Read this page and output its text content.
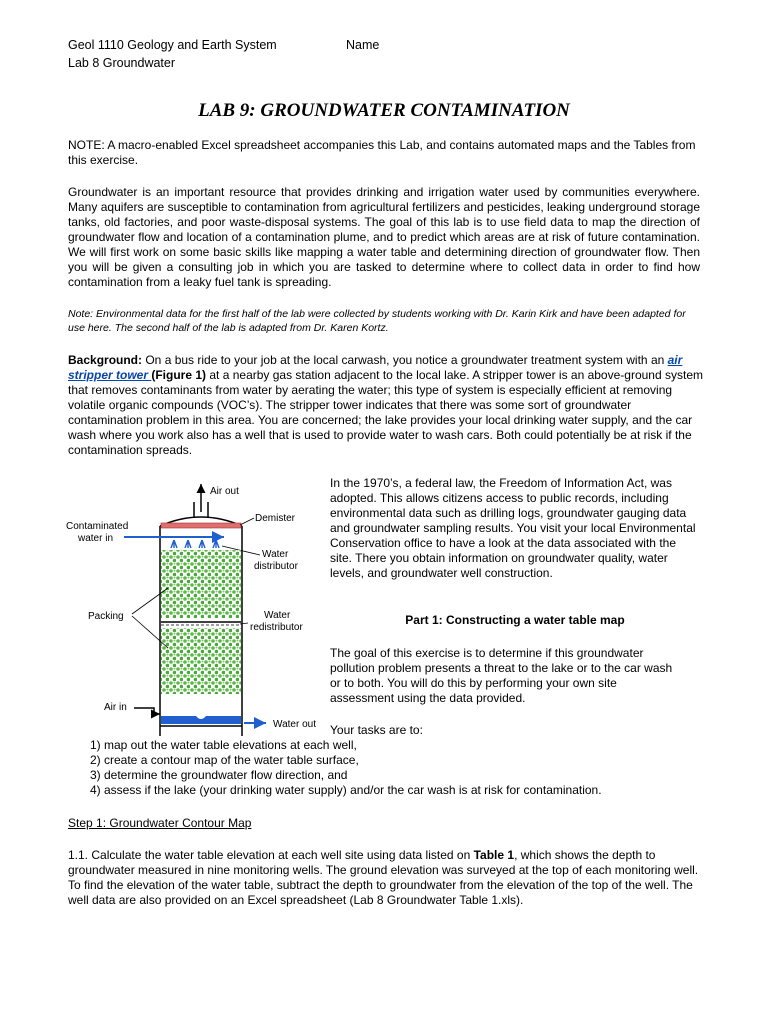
Geol 1110 Geology and Earth System	Name
Lab 8 Groundwater
LAB 9: GROUNDWATER CONTAMINATION
NOTE: A macro-enabled Excel spreadsheet accompanies this Lab, and contains automated maps and the Tables from this exercise.
Groundwater is an important resource that provides drinking and irrigation water used by communities everywhere. Many aquifers are susceptible to contamination from agricultural fertilizers and pesticides, leaking underground storage tanks, old factories, and poor waste-disposal systems. The goal of this lab is to use field data to map the direction of groundwater flow and location of a contamination plume, and to predict which areas are at risk of future contamination. We will first work on some basic skills like mapping a water table and determining direction of groundwater flow. Then you will be given a consulting job in which you are tasked to determine where to collect data in order to find how contamination from a leaky fuel tank is spreading.
Note: Environmental data for the first half of the lab were collected by students working with Dr. Karin Kirk and have been adapted for use here. The second half of the lab is adapted from Dr. Karen Kortz.
Background: On a bus ride to your job at the local carwash, you notice a groundwater treatment system with an air stripper tower (Figure 1) at a nearby gas station adjacent to the local lake. A stripper tower is an above-ground system that removes contaminants from water by aerating the water; this type of system is especially efficient at removing volatile organic compounds (VOC’s). The stripper tower indicates that there was some sort of groundwater contamination problem in this area. You are concerned; the lake provides your local drinking water supply, and the car wash where you work also has a well that is used to provide water to wash cars. Both could potentially be at risk if the contamination spreads.
Air out
Demister
Contaminated
water in
Water
distributor
Water
redistributor
Packing
Air in
Water out
In the 1970’s, a federal law, the Freedom of Information Act, was adopted. This allows citizens access to public records, including environmental data such as drilling logs, groundwater gauging data and groundwater sampling results. You visit your local Environmental Conservation office to have a look at the data associated with the site. There you obtain information on groundwater quality, water levels, and groundwater well construction.
Part 1: Constructing a water table map
The goal of this exercise is to determine if this groundwater pollution problem presents a threat to the lake or to the car wash or to both. You will do this by performing your own site assessment using the data provided.
Your tasks are to:
1) map out the water table elevations at each well,
2) create a contour map of the water table surface,
3) determine the groundwater flow direction, and
4) assess if the lake (your drinking water supply) and/or the car wash is at risk for contamination.
Step 1: Groundwater Contour Map
1.1. Calculate the water table elevation at each well site using data listed on Table 1, which shows the depth to groundwater measured in nine monitoring wells. The ground elevation was surveyed at the top of each monitoring well. To find the elevation of the water table, subtract the depth to groundwater from the elevation of the top of the well. The well data are also provided on an Excel spreadsheet (Lab 8 Groundwater Table 1.xls).
